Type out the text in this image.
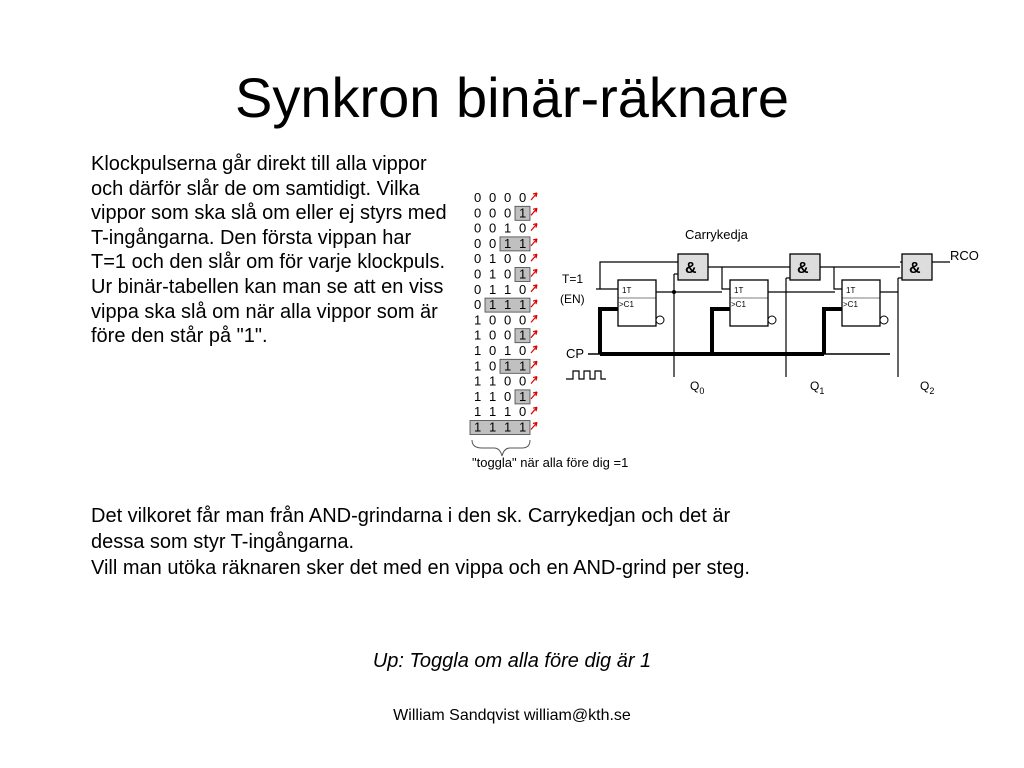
Synkron binär-räknare
Klockpulserna går direkt till alla vippor och därför slår de om samtidigt. Vilka vippor som ska slå om eller ej styrs med T-ingångarna. Den första vippan har T=1 och den slår om för varje klockpuls. Ur binär-tabellen kan man se att en viss vippa ska slå om när alla vippor som är före den står på "1".
0 0 0 0
0 0 0 1
0 0 1 0
0 0 1 1
0 1 0 0
0 1 0 1
0 1 1 0
0 1 1 1
1 0 0 0
1 0 0 1
1 0 1 0
1 0 1 1
1 1 0 0
1 1 0 1
1 1 1 0
1 1 1 1
"toggla" när alla före dig =1
Carrykedja
CP
T=1
(EN)
1T
>C1
&
1T
>C1
&
1T
>C1
&
RCO
$Q_0$	$Q_1$	$Q_2$
Det vilkoret får man från AND-grindarna i den sk. Carrykedjan och det är
dessa som styr T-ingångarna.
Vill man utöka räknaren sker det med en vippa och en AND-grind per steg.
Up: Toggla om alla före dig är 1
William Sandqvist william@kth.se
